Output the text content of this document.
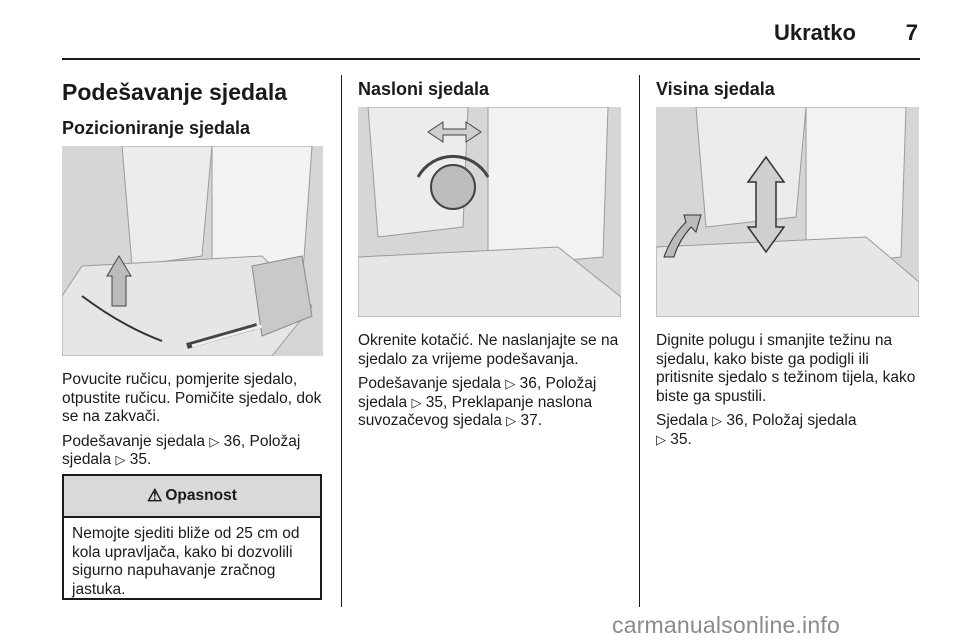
Ukratko 7
Podešavanje sjedala
Pozicioniranje sjedala

Povucite ručicu, pomjerite sjedalo, otpustite ručicu. Pomičite sjedalo, dok se na zakvači.

Podešavanje sjedala ▷ 36, Položaj sjedala ▷ 35.

⚠ Opasnost
Nemojte sjediti bliže od 25 cm od kola upravljača, kako bi dozvolili sigurno napuhavanje zračnog jastuka.
Nasloni sjedala

Okrenite kotačić. Ne naslanjajte se na sjedalo za vrijeme podešavanja.

Podešavanje sjedala ▷ 36, Položaj sjedala ▷ 35, Preklapanje naslona suvozačevog sjedala ▷ 37.

Visina sjedala

Dignite polugu i smanjite težinu na sjedalu, kako biste ga podigli ili pritisnite sjedalo s težinom tijela, kako biste ga spustili.

Sjedala ▷ 36, Položaj sjedala
▷ 35.

carmanualsonline.info
